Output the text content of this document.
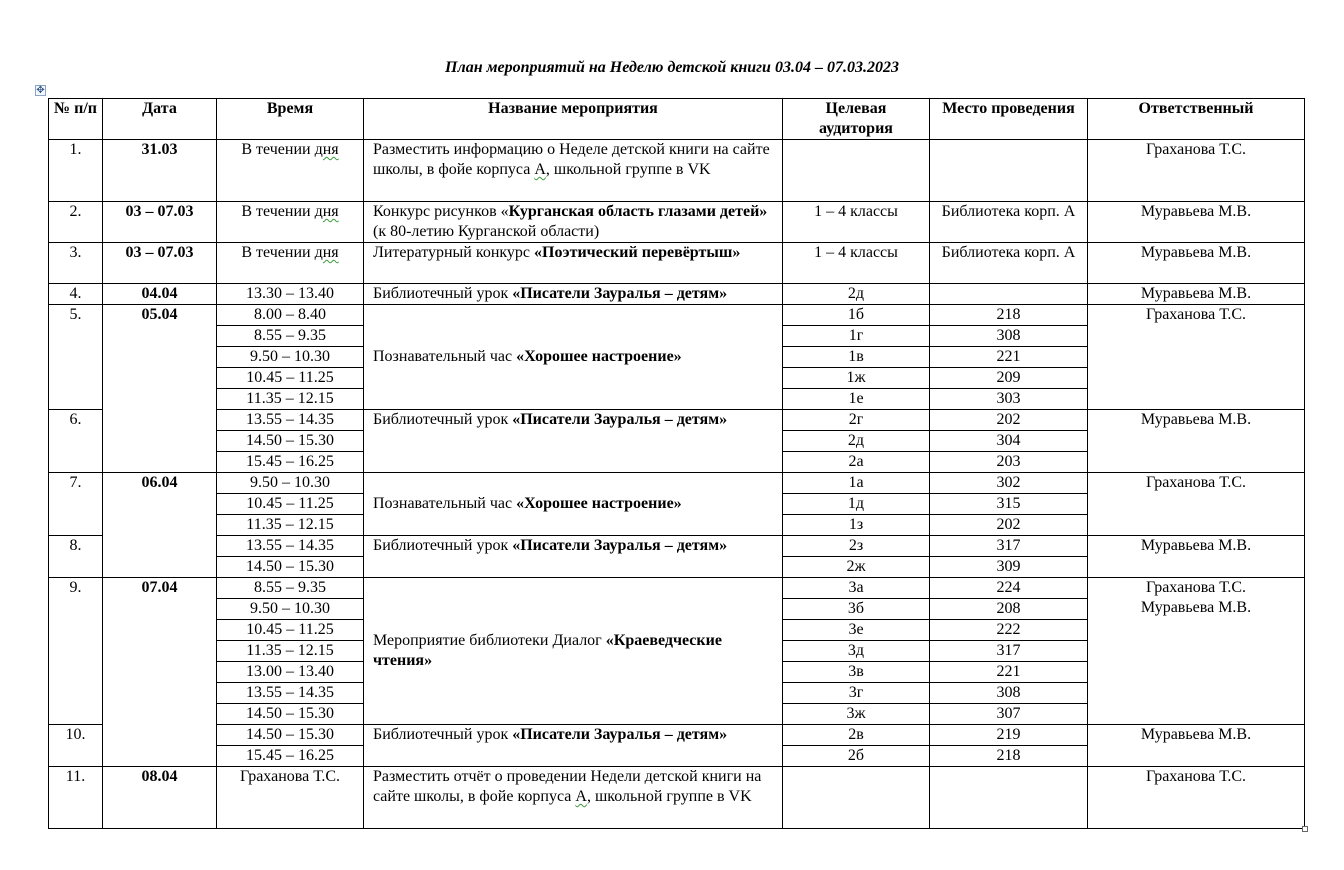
План мероприятий на Неделю детской книги 03.04 – 07.03.2023
✥
№ п/п	Дата	Время	Название мероприятия	Целевая аудитория	Место проведения	Ответственный
1.	31.03	В течении дня	Разместить информацию о Неделе детской книги на сайте школы, в фойе корпуса А, школьной группе в VK			Граханова Т.С.
2.	03 – 07.03	В течении дня	Конкурс рисунков «Курганская область глазами детей» (к 80-летию Курганской области)	1 – 4 классы	Библиотека корп. А	Муравьева М.В.
3.	03 – 07.03	В течении дня	Литературный конкурс «Поэтический перевёртыш»	1 – 4 классы	Библиотека корп. А	Муравьева М.В.
4.	04.04	13.30 – 13.40	Библиотечный урок «Писатели Зауралья – детям»	2д		Муравьева М.В.
5.	05.04	8.00 – 8.40	Познавательный час «Хорошее настроение»	1б	218	Граханова Т.С.
		8.55 – 9.35		1г	308	
		9.50 – 10.30		1в	221	
		10.45 – 11.25		1ж	209	
		11.35 – 12.15		1е	303	
6.		13.55 – 14.35	Библиотечный урок «Писатели Зауралья – детям»	2г	202	Муравьева М.В.
		14.50 – 15.30		2д	304	
		15.45 – 16.25		2а	203	
7.	06.04	9.50 – 10.30	Познавательный час «Хорошее настроение»	1а	302	Граханова Т.С.
		10.45 – 11.25		1д	315	
		11.35 – 12.15		1з	202	
8.		13.55 – 14.35	Библиотечный урок «Писатели Зауралья – детям»	2з	317	Муравьева М.В.
		14.50 – 15.30		2ж	309	
9.	07.04	8.55 – 9.35	Мероприятие библиотеки Диалог «Краеведческие чтения»	3а	224	Граханова Т.С.
Муравьева М.В.

		9.50 – 10.30		3б	208	
		10.45 – 11.25		3е	222	
		11.35 – 12.15		3д	317	
		13.00 – 13.40		3в	221	
		13.55 – 14.35		3г	308	
		14.50 – 15.30		3ж	307	
10.		14.50 – 15.30	Библиотечный урок «Писатели Зауралья – детям»	2в	219	Муравьева М.В.
		15.45 – 16.25		2б	218	
11.	08.04	Граханова Т.С.	Разместить отчёт о проведении Недели детской книги на сайте школы, в фойе корпуса А, школьной группе в VK			Граханова Т.С.
